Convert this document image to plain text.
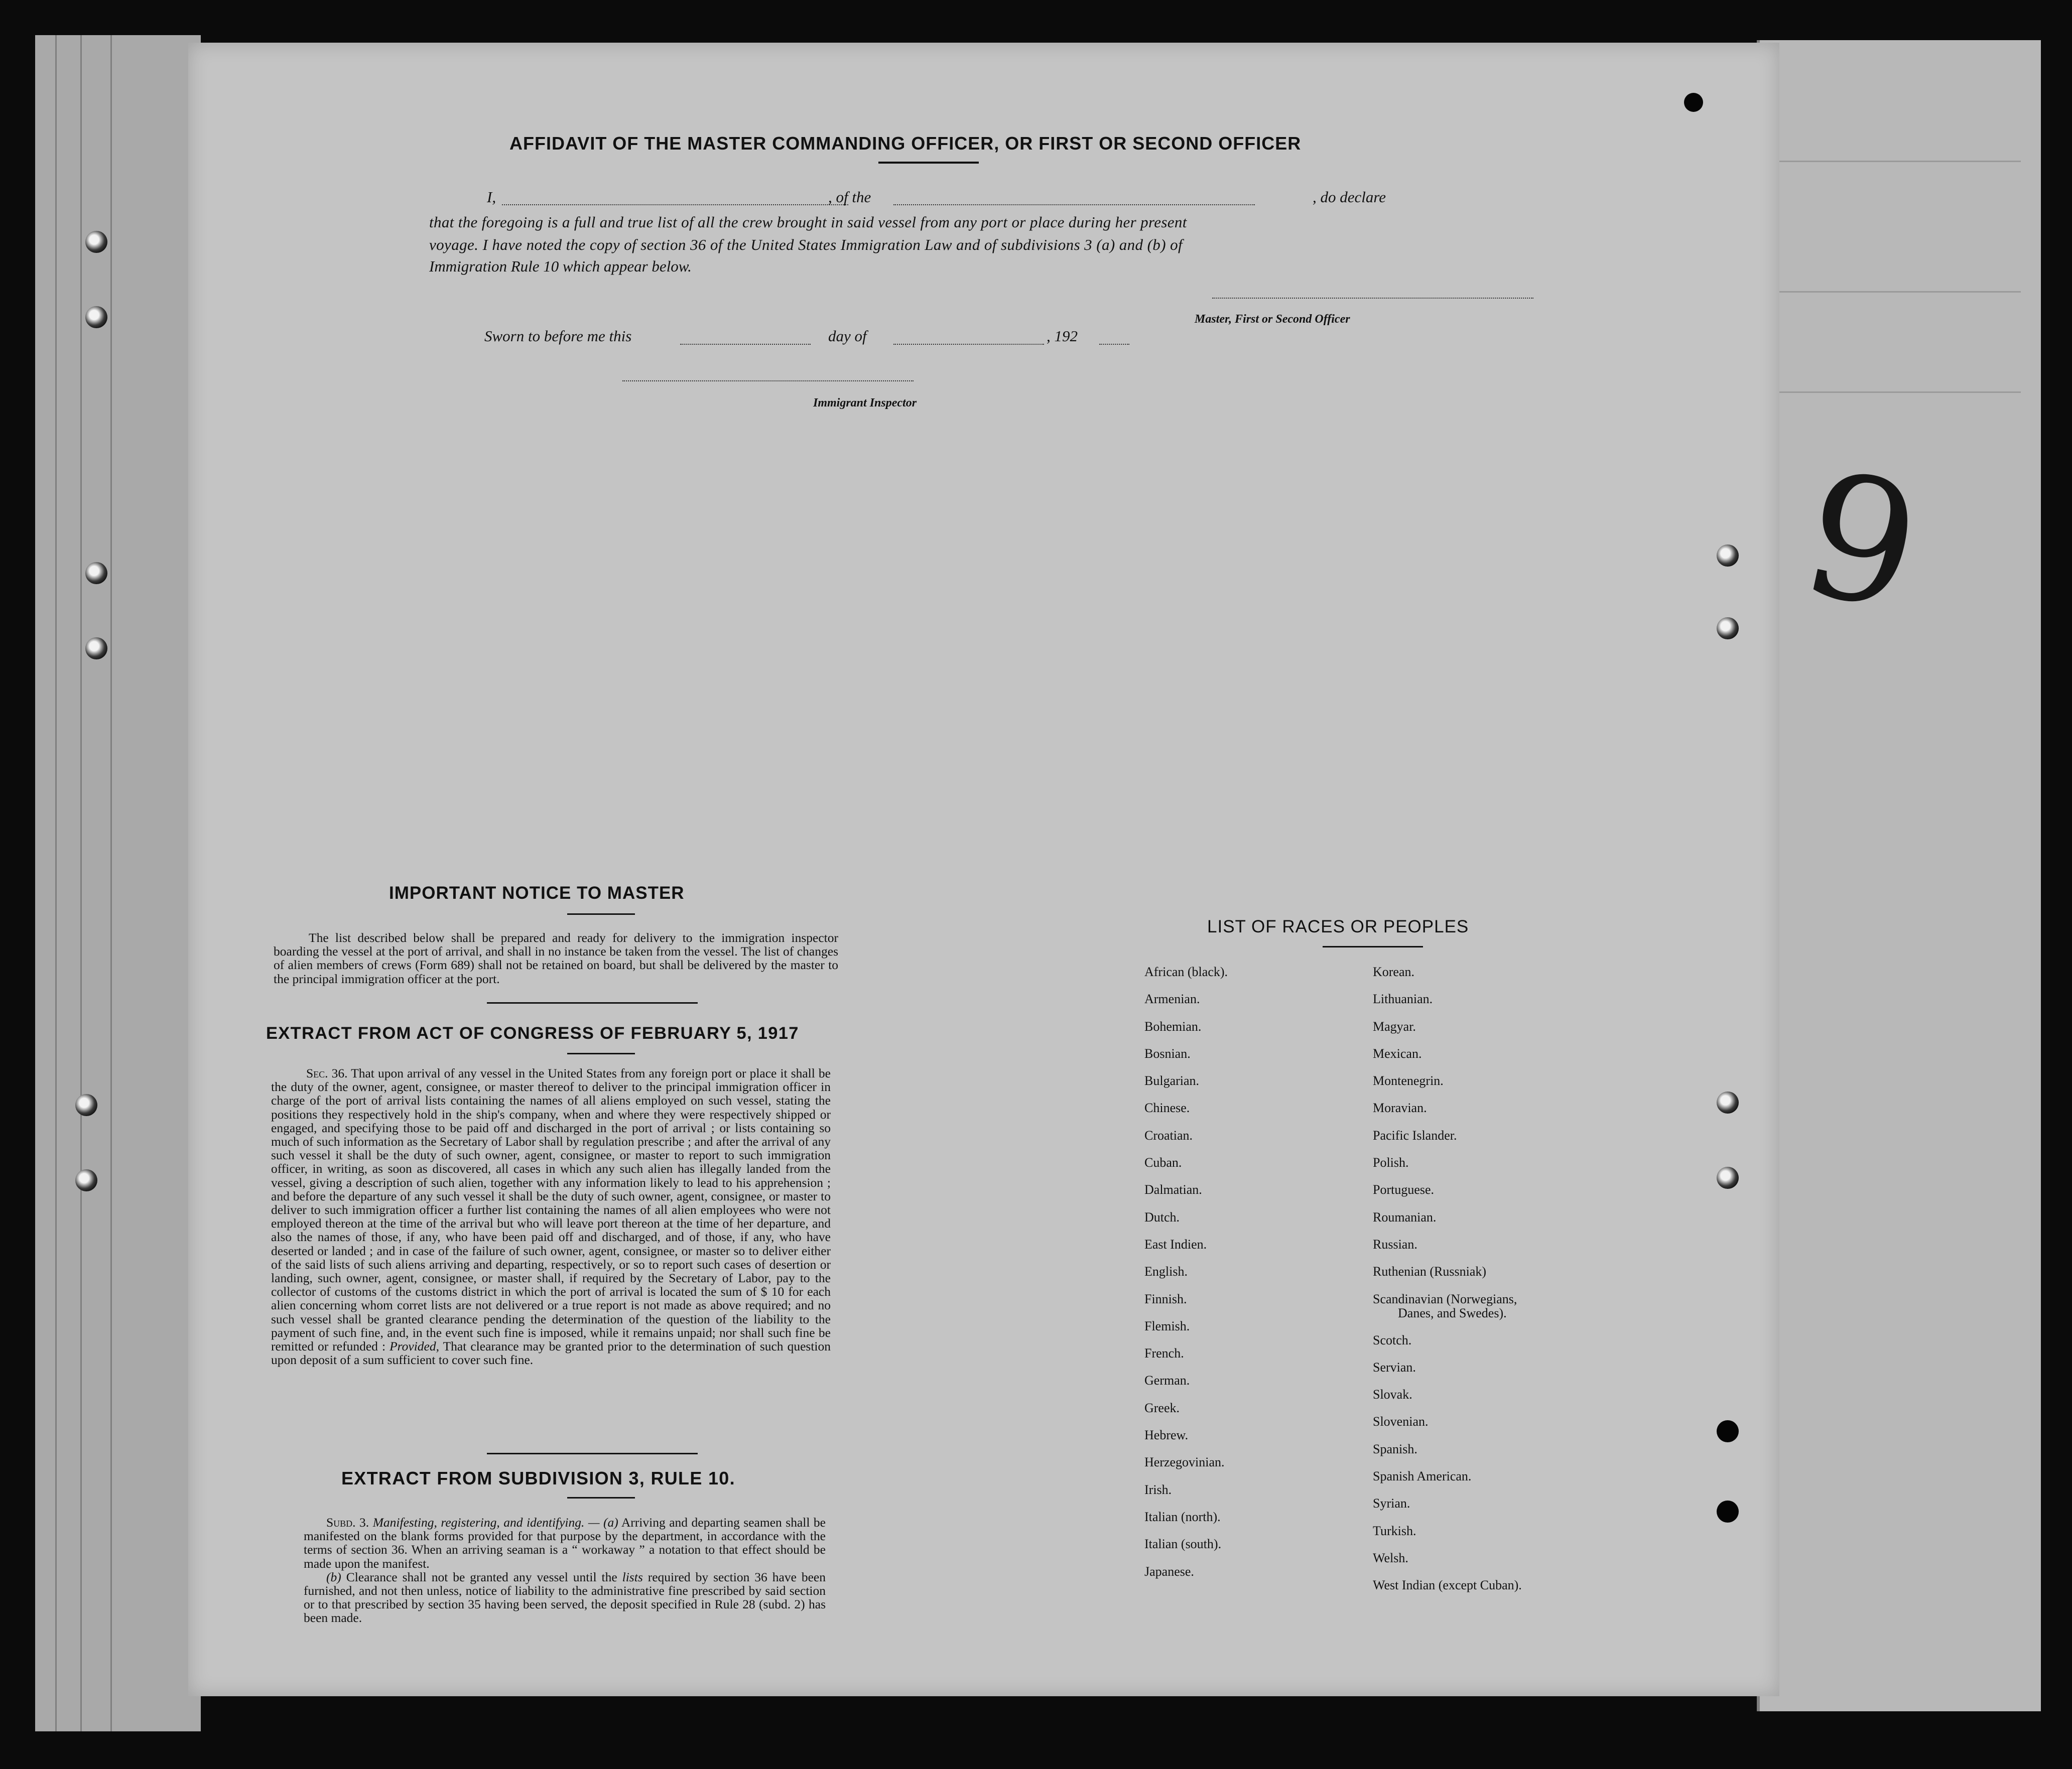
9
AFFIDAVIT OF THE MASTER COMMANDING OFFICER, OR FIRST OR SECOND OFFICER
I,	, of the	, do declare
that the foregoing is a full and true list of all the crew brought in said vessel from any port or place during her present
voyage. I have noted the copy of section 36 of the United States Immigration Law and of subdivisions 3 (a) and (b) of
Immigration Rule 10 which appear below.
Master, First or Second Officer
Sworn to before me this	day of	, 192
Immigrant Inspector
IMPORTANT NOTICE TO MASTER

The list described below shall be prepared and ready for delivery to the immigration inspector boarding the vessel at the port of arrival, and shall in no instance be taken from the vessel. The list of changes of alien members of crews (Form 689) shall not be retained on board, but shall be delivered by the master to the principal immigration officer at the port.

EXTRACT FROM ACT OF CONGRESS OF FEBRUARY 5, 1917

Sec. 36. That upon arrival of any vessel in the United States from any foreign port or place it shall be the duty of the owner, agent, consignee, or master thereof to deliver to the principal immigration officer in charge of the port of arrival lists containing the names of all aliens employed on such vessel, stating the positions they respectively hold in the ship's company, when and where they were respectively shipped or engaged, and specifying those to be paid off and discharged in the port of arrival ; or lists containing so much of such information as the Secretary of Labor shall by regulation prescribe ; and after the arrival of any such vessel it shall be the duty of such owner, agent, consignee, or master to report to such immigration officer, in writing, as soon as discovered, all cases in which any such alien has illegally landed from the vessel, giving a description of such alien, together with any information likely to lead to his apprehension ; and before the departure of any such vessel it shall be the duty of such owner, agent, consignee, or master to deliver to such immigration officer a further list containing the names of all alien employees who were not employed thereon at the time of the arrival but who will leave port thereon at the time of her departure, and also the names of those, if any, who have been paid off and discharged, and of those, if any, who have deserted or landed ; and in case of the failure of such owner, agent, consignee, or master so to deliver either of the said lists of such aliens arriving and departing, respectively, or so to report such cases of desertion or landing, such owner, agent, consignee, or master shall, if required by the Secretary of Labor, pay to the collector of customs of the customs district in which the port of arrival is located the sum of $ 10 for each alien concerning whom corret lists are not delivered or a true report is not made as above required; and no such vessel shall be granted clearance pending the determination of the question of the liability to the payment of such fine, and, in the event such fine is imposed, while it remains unpaid; nor shall such fine be remitted or refunded : Provided, That clearance may be granted prior to the determination of such question upon deposit of a sum sufficient to cover such fine.

EXTRACT FROM SUBDIVISION 3, RULE 10.

Subd. 3. Manifesting, registering, and identifying. — (a) Arriving and departing seamen shall be manifested on the blank forms provided for that purpose by the department, in accordance with the terms of section 36. When an arriving seaman is a “ workaway ” a notation to that effect should be made upon the manifest.

(b) Clearance shall not be granted any vessel until the lists required by section 36 have been furnished, and not then unless, notice of liability to the administrative fine prescribed by said section or to that prescribed by section 35 having been served, the deposit specified in Rule 28 (subd. 2) has been made.

LIST OF RACES OR PEOPLES
African (black).
Armenian.
Bohemian.
Bosnian.
Bulgarian.
Chinese.
Croatian.
Cuban.
Dalmatian.
Dutch.
East Indien.
English.
Finnish.
Flemish.
French.
German.
Greek.
Hebrew.
Herzegovinian.
Irish.
Italian (north).
Italian (south).
Japanese.
Korean.
Lithuanian.
Magyar.
Mexican.
Montenegrin.
Moravian.
Pacific Islander.
Polish.
Portuguese.
Roumanian.
Russian.
Ruthenian (Russniak)
Scandinavian (Norwegians,
Danes, and Swedes).
Scotch.
Servian.
Slovak.
Slovenian.
Spanish.
Spanish American.
Syrian.
Turkish.
Welsh.
West Indian (except Cuban).
